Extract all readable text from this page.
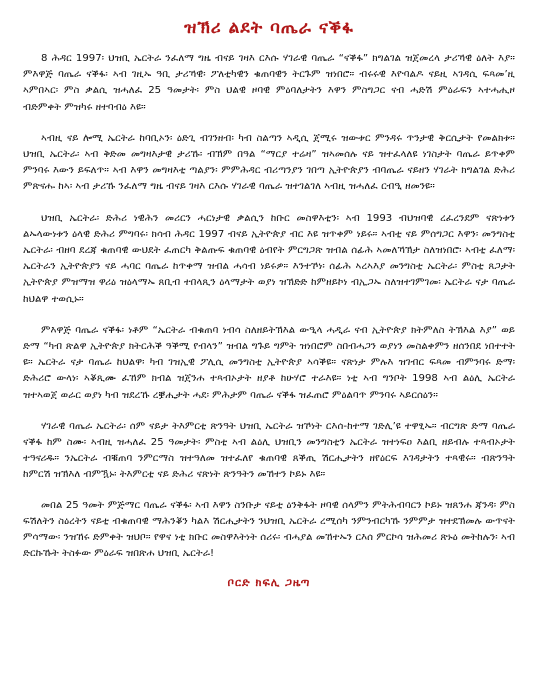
ዝኽሪ ልደት ባጤራ ናቕፋ

8 ሕዳር 1997፡ ህዝቢ ኤርትራ ንፈለማ ግዜ ብናይ ገዛእ ርእሱ ሃገራዊ ባጤራ “ናቕፋ” ክግልገል ዝጀመረላ ታሪኻዊ ዕለት እያ። ምእዋጅ ባጤራ ናቕፋ፡ ኣብ ገዚኡ ዓቢ ታሪኻዊ፡ ፖለቲካዊን ቁጠባዊን ትርጉም ዝነበሮ። ብሩሩዊ እዮባልዶ ናይዚ ኣገዳሲ ፍጻመ’ዚ ኣምበኣር፡ ምስ ቃልሲ ዝሓለፈ 25 ዓመታት፡ ምስ ህልዊ ዞባዊ ምዕባለታትን እዋን ምስግጋር ናብ ሓድሽ ምዕራፍን ኣተሓሒዞ ብድምቀት ምዝካሩ ዘተባብዕ እዩ።

ኣብዚ ናይ ሎሚ ኤርትራ ከባቢኦን፡ ዕድጊ ብገንዘብ፡ ካብ ስልጣን ኣዲሲ ጀሚሩ ዝውቱር ምንዳሩ ጥንታዊ ቅርሲታት የመልክቱ። ህዝቢ ኤርትራ፡ ኣብ ቅድመ መግዛእታዊ ታሪኹ፡ ብኽም በዓል “ማርያ ተሬዛ” ዝኣመሰሉ ናይ ዝተፈላለዩ ነገስታት ባጤራ ይጥቀም ምንባሩ እውን ይፍለጥ። ኣብ እዋን መግዛእቲ ጣልያን፡ ምምሕዳር ብሪጣንያን ገበጣ ኢትዮጵያን ብባጤራ ናይዘን ሃገራት ክግልገል ድሕሪ ምጽናሑ ከኣ፡ ኣብ ታሪኹ ንፈለማ ግዜ ብናይ ገዛእ ርእሱ ሃገራዊ ባጤራ ዝተገልገለ ኣብዚ ዝሓለፈ ርብዒ ዘመንዩ።

ህዝቢ ኤርትራ፡ ድሕሪ ነዊሕን መሪርን ሓርነታዊ ቃልሲን ከቡር መስዋእቲን፡ ኣብ 1993 ብህዝባዊ ረፈረንደም ናጽነቱን ልኡላውነቱን ዕላዊ ድሕሪ ምግባሩ፡ ክሳብ ሕዳር 1997 ብናይ ኢትዮጵያ ብር እዩ ዝጥቀም ነይሩ። ኣብቲ ናይ ምሰግጋር እዋን፡ መንግስቲ ኤርትራ፡ ብዘባ ደረጃ ቁጠባዊ ውህደት ፈጠርካ ቅልጡፍ ቁጠባዊ ዕብየት ምርግጋጽ ዝብል ሰፊሕ ኣመለኻኽታ ስለዝነበሮ፡ ኣብቲ ፈለማ፡ ኤርትራን ኢትዮጵያን ናይ ሓባር ባጤራ ከጥቀማ ዝብል ሓሳብ ነይሩዎ። እንተኾነ፡ ሰፊሕ ኣረኣእያ መንግስቲ ኤርትራ፡ ምስቲ ጸጋታት ኢትዮጵያ ምዝማዝ ዋሪዕ ዝዕላማኡ ጸቢብ ተበላጺን ዕላማታት ወያነ ዝኽድድ ከምዘይኮነ ብኢጋኡ ስለዝተገምገመ፡ ኤርትራ ናታ ባጤራ ከህልዋ ተወሲኑ።

ምእዋጅ ባጤራ ናቕፋ፡ ነቶም “ኤርትራ ብቁጠባ ነብሳ ስለዘይትኽእል ውዒላ ሓዲራ ናብ ኢትዮጵያ ክትምለስ ትኽእል እያ” ወይ ድማ “ካብ ጽልዋ ኢትዮጵያ ክትርሕቕ ዓቕሚ የብላን” ዝብል ግጉይ ግምት ዝነበሮም ስበብሓጋን ወያነን መስልቀምን ዘሰንበደ ነበተተት ዩ። ኤርትራ ናታ ባጤራ ከህልዋ፡ ካብ ገዝኢዊ ፖሊሲ መንግስቲ ኢትዮጵያ ኣሳቕዩ። ናጽነታ ምሉእ ዝገብር ፍጻመ ብምንባሩ ድማ፡ ድሕሪሮ ውላነ፡ ኣቖጺሙ ፈኸም ክብል ዝጀንሐ ተጻብኦታት ዘያቶ ከሁሃሮ ተራእዩ። ነቲ ኣብ ግንቦት 1998 ኣብ ልዕሊ ኤርትራ ዝተኣወጀ ወራር ወያነ ካብ ዝደረኹ ረቛሒታት ሓደ፡ ምሕታም ባጤራ ናቕፋ ዝፈጠሮ ምዕልባጥ ምንባሩ ኣይርሰዕን።

ሃገራዊ ባጤራ ኤርትራ፡ ሰም ናይታ ትእምርቲ ጽንዓት ህዝቢ ኤርትራ ዝኾነት ርእሰ-ከተማ ገድሊ’ዩ ተዋፂኡ። ብርግጽ ድማ ባጤራ ናቕፋ ከም ስሙ፡ ኣብዚ ዝሓለፈ 25 ዓመታት፡ ምስቲ ኣብ ልዕሊ ህዝቢን መንግስቲን ኤርትራ ዝተነፍዐ እልቢ ዘይብሉ ተጻብኦታት ተዓናሪዱ። ንኤርትራ ብቑጠባ ንምርማስ ዝተዓለመ ዝተፈለየ ቁጠባዊ ጸቕጢ ሽርሒታትን ዘየዕርፍ እገዳታትን ተጻዊሩ። ብጽንዓት ከምርሽ ዝኽእለ ብምዃኑ፡ ትእምርቲ ናይ ድሕሪ ናጽነት ጽንዓትን መኸተን ኮይኑ እዩ።

መበል 25 ዓመት ምጅማር ባጤራ ናቕፋ፡ ኣብ እዋን ስንቡታ ናይቲ ዕንቅፋት ዞባዊ ሰላምን ምትሕብባርን ኮይኑ ዝጸንሐ ጃንዳ፡ ምስ ፍሽለትን ስዕረትን ናይቲ ብቁጠባዊ ማሕንቖን ካልእ ሽርሒታትን ንህዝቢ ኤርትራ ረሚሰካ ንምንብርካኹ ንምምታ ዝተደኽመሉ ውጥናት ምሳማው፡ ንዝኸሩ ድምቀት ዝህቦ። የዋና ነቲ ክቡር መስዋእትነት ሰሪሩ፡ ብሓያል መኸተኡን ርእሰ ምርኮሳ ዝሕመሪ ጽኑዕ መትከሉን፡ ኣብ ድርኩኹት ትስፉው ምዕራፍ ዝበጽሐ ህዝቢ ኤርትራ!

ቦርድ ክፍሊ ጋዜጣ
